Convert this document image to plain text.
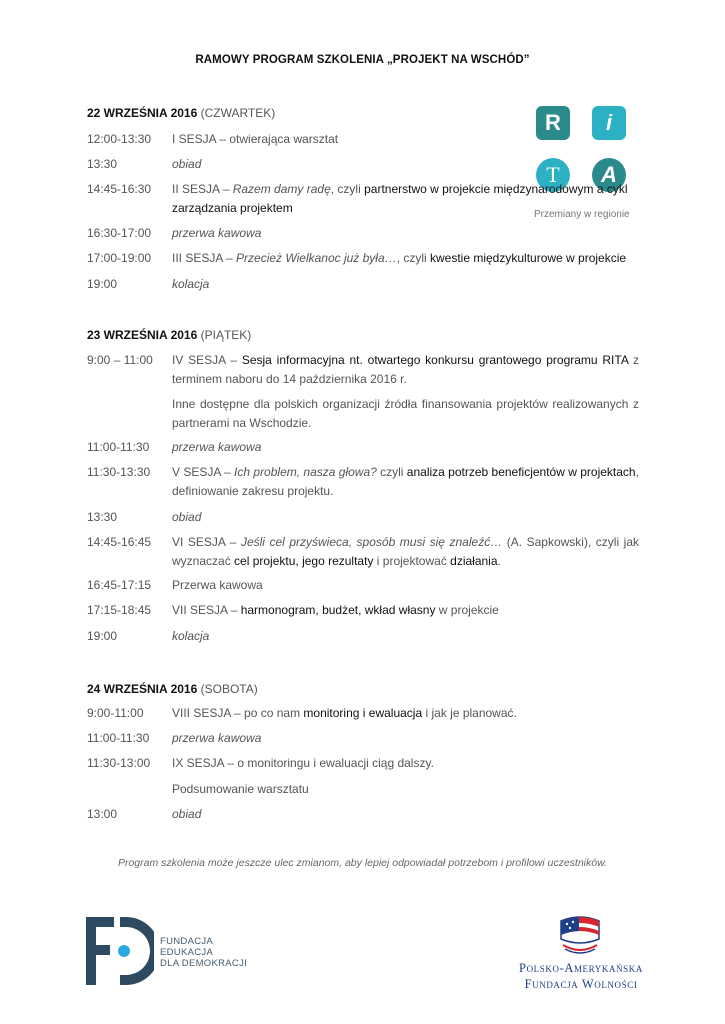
RAMOWY PROGRAM SZKOLENIA „PROJEKT NA WSCHÓD”
R	i
T	A
Przemiany w regionie
22 WRZEŚNIA 2016 (CZWARTEK)
12:00-13:30	I SESJA – otwierająca warsztat
13:30	obiad
14:45-16:30	II SESJA – Razem damy radę, czyli partnerstwo w projekcie międzynarodowym a cykl zarządzania projektem
16:30-17:00	przerwa kawowa
17:00-19:00	III SESJA – Przecież Wielkanoc już była…, czyli kwestie międzykulturowe w projekcie
19:00	kolacja
23 WRZEŚNIA 2016 (PIĄTEK)
9:00 – 11:00	IV SESJA – Sesja informacyjna nt. otwartego konkursu grantowego programu RITA z terminem naboru do 14 października 2016 r.
Inne dostępne dla polskich organizacji źródła finansowania projektów realizowanych z partnerami na Wschodzie.
11:00-11:30	przerwa kawowa
11:30-13:30	V SESJA – Ich problem, nasza głowa? czyli analiza potrzeb beneficjentów w projektach, definiowanie zakresu projektu.
13:30	obiad
14:45-16:45	VI SESJA – Jeśli cel przyświeca, sposób musi się znaleźć… (A. Sapkowski), czyli jak wyznaczać cel projektu, jego rezultaty i projektować działania.
16:45-17:15	Przerwa kawowa
17:15-18:45	VII SESJA – harmonogram, budżet, wkład własny w projekcie
19:00	kolacja
24 WRZEŚNIA 2016 (SOBOTA)
9:00-11:00	VIII SESJA – po co nam monitoring i ewaluacja i jak je planować.
11:00-11:30	przerwa kawowa
11:30-13:00	IX SESJA – o monitoringu i ewaluacji ciąg dalszy.
Podsumowanie warsztatu
13:00	obiad
Program szkolenia może jeszcze ulec zmianom, aby lepiej odpowiadał potrzebom i profilowi uczestników.
FUNDACJA
EDUKACJA
DLA DEMOKRACJI	Polsko-Amerykańska
Fundacja Wolności
